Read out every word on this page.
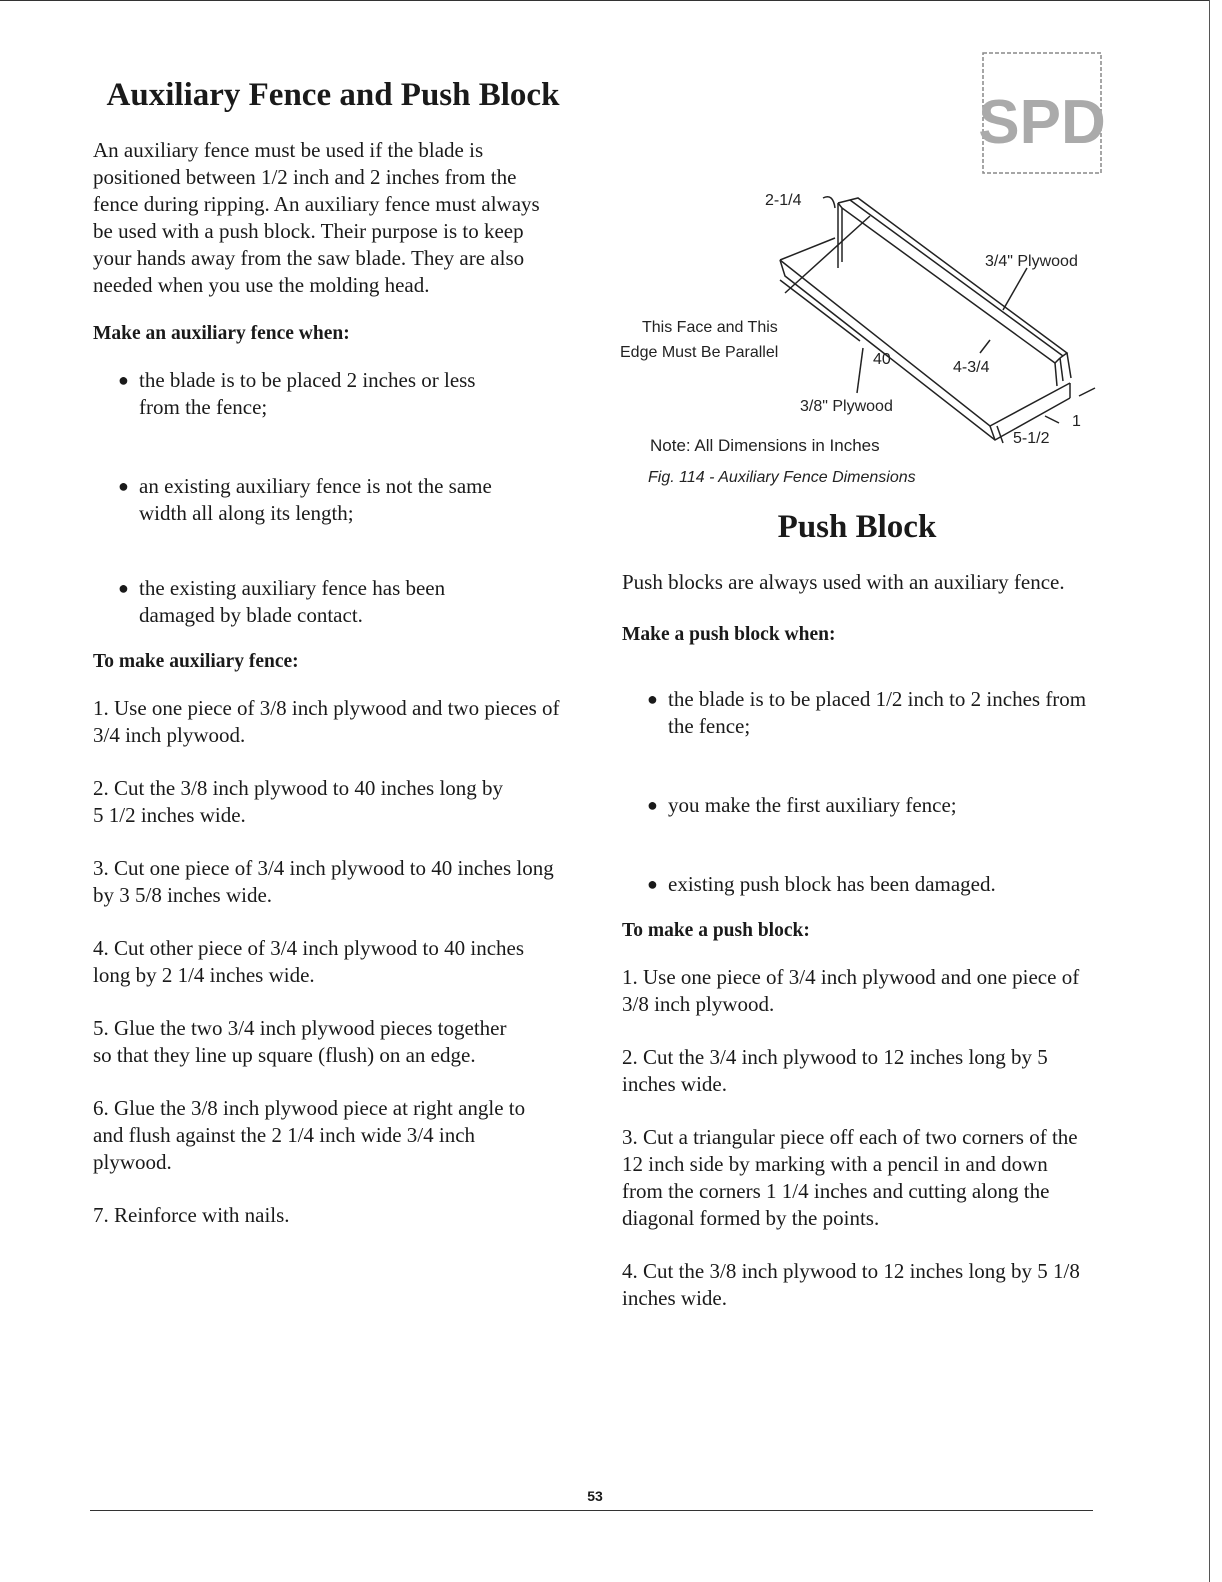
Auxiliary Fence and Push Block

An auxiliary fence must be used if the blade is positioned between 1/2 inch and 2 inches from the fence during ripping. An auxiliary fence must always be used with a push block. Their purpose is to keep your hands away from the saw blade. They are also needed when you use the molding head.

Make an auxiliary fence when:
● the blade is to be placed 2 inches or less from the fence;
● an existing auxiliary fence is not the same width all along its length;
● the existing auxiliary fence has been damaged by blade contact.
To make auxiliary fence:

1. Use one piece of 3/8 inch plywood and two pieces of 3/4 inch plywood.

2. Cut the 3/8 inch plywood to 40 inches long by 5 1/2 inches wide.

3. Cut one piece of 3/4 inch plywood to 40 inches long by 3 5/8 inches wide.

4. Cut other piece of 3/4 inch plywood to 40 inches long by 2 1/4 inches wide.

5. Glue the two 3/4 inch plywood pieces together so that they line up square (flush) on an edge.

6. Glue the 3/8 inch plywood piece at right angle to and flush against the 2 1/4 inch wide 3/4 inch plywood.

7. Reinforce with nails.

SPD
2-1/4
3/4" Plywood
This Face and This
Edge Must Be Parallel	40	4-3/4
3/8" Plywood
1
5-1/2
Note: All Dimensions in Inches
Fig. 114 - Auxiliary Fence Dimensions
Push Block

Push blocks are always used with an auxiliary fence.

Make a push block when:
● the blade is to be placed 1/2 inch to 2 inches from the fence;
● you make the first auxiliary fence;
● existing push block has been damaged.
To make a push block:

1. Use one piece of 3/4 inch plywood and one piece of 3/8 inch plywood.

2. Cut the 3/4 inch plywood to 12 inches long by 5 inches wide.

3. Cut a triangular piece off each of two corners of the 12 inch side by marking with a pencil in and down from the corners 1 1/4 inches and cutting along the diagonal formed by the points.

4. Cut the 3/8 inch plywood to 12 inches long by 5 1/8 inches wide.

53
